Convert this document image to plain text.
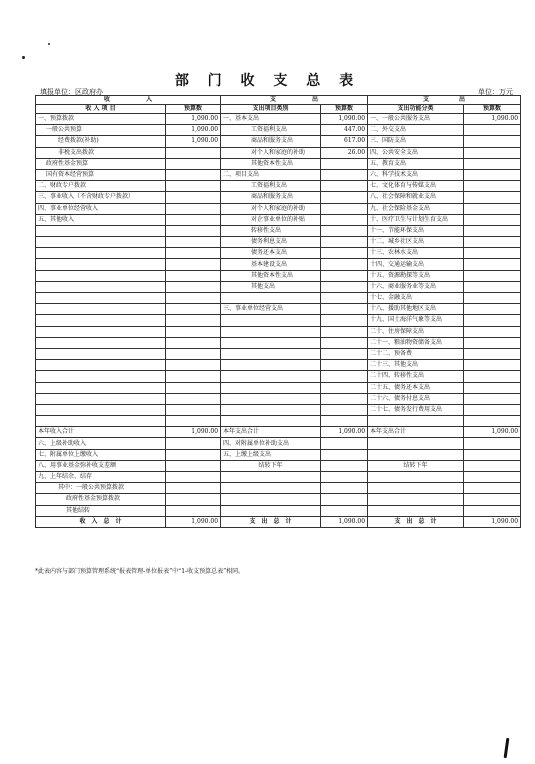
部 门 收 支 总 表
填报单位：区政府办	单位：万元
收　　　　　　入		支　　　　　　出		支　　　　　出	
收 入 项 目	预算数	支出项目类别	预算数	支出功能分类	预算数
一、预算拨款	1,090.00	一、基本支出	1,090.00	一、一般公共服务支出	1,090.00
一般公共预算	1,090.00	工资福利支出	447.00	二、外交支出	
经费拨款(补助)	1,090.00	商品和服务支出	617.00	三、国防支出	
非税支出拨款		对个人和家庭的补助	26.00	四、公共安全支出	
政府性基金预算		其他资本性支出		五、教育支出	
国有资本经营预算		二、项目支出		六、科学技术支出	
二、财政专户拨款		工资福利支出		七、文化体育与传媒支出	
三、事业收入（不含财政专户拨款）		商品和服务支出		八、社会保障和就业支出	
四、事业单位经营收入		对个人和家庭的补助		九、社会保险基金支出	
五、其他收入		对企事业单位的补贴		十、医疗卫生与计划生育支出	
		转移性支出		十一、节能环保支出	
		债务利息支出		十二、城乡社区支出	
		债务还本支出		十三、农林水支出	
		基本建设支出		十四、交通运输支出	
		其他资本性支出		十五、资源勘探等支出	
		其他支出		十六、商业服务业等支出	
				十七、金融支出	
		三、事业单位经营支出		十八、援助其他地区支出	
				十九、国土海洋气象等支出	
				二十、住房保障支出	
				二十一、粮油物资储备支出	
				二十二、预备费	
				二十三、其他支出	
				二十四、转移性支出	
				二十五、债务还本支出	
				二十六、债务付息支出	
				二十七、债务发行费用支出	

本年收入合计	1,090.00	本年支出合计	1,090.00	本年支出合计	1,090.00
六、上级补助收入		四、对附属单位补助支出			
七、附属单位上缴收入		五、上缴上级支出			
八、用事业基金弥补收支差额		结转下年		结转下年	
九、上年结余、结存					
其中：一般公共预算拨款					
政府性基金预算拨款					
其他结转					
收　入　总　计	1,090.00	支　出　总　计	1,090.00	支　出　总　计	1,090.00
*此表内容与部门预算管理系统“报表管理-单位报表”中“1-收支预算总表”相同。
